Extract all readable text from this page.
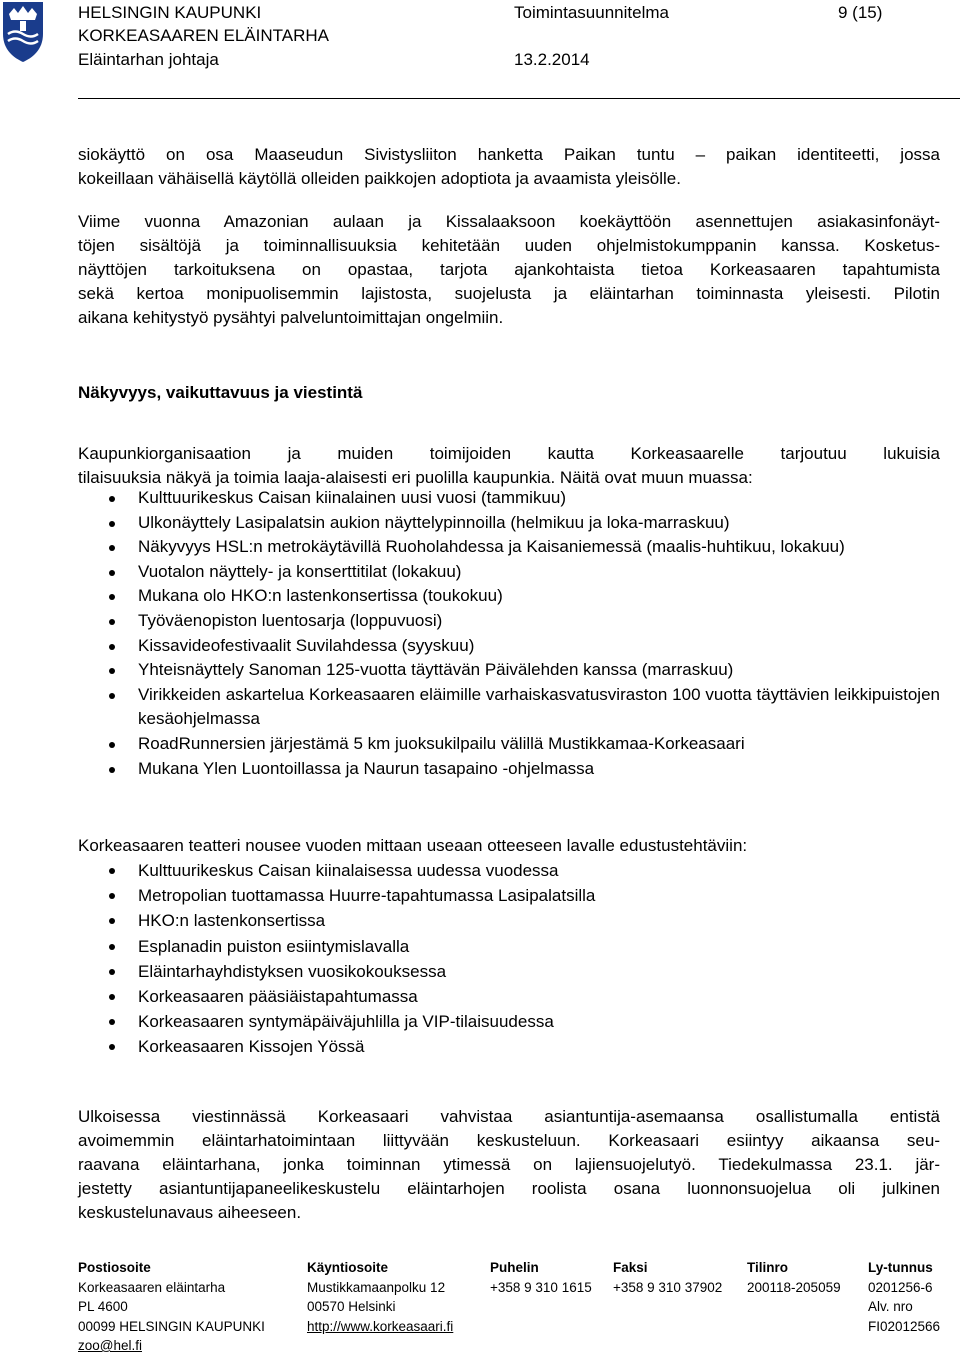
HELSINGIN KAUPUNKI
KORKEASAAREN ELÄINTARHA
Eläintarhan johtaja
Toimintasuunnitelma
13.2.2014
9 (15)
siokäyttö on osa Maaseudun Sivistysliiton hanketta Paikan tuntu – paikan identiteetti, jossa
kokeillaan vähäisellä käytöllä olleiden paikkojen adoptiota ja avaamista yleisölle.
Viime vuonna Amazonian aulaan ja Kissalaaksoon koekäyttöön asennettujen asiakasinfonäyt-
töjen sisältöjä ja toiminnallisuuksia kehitetään uuden ohjelmistokumppanin kanssa. Kosketus-
näyttöjen tarkoituksena on opastaa, tarjota ajankohtaista tietoa Korkeasaaren tapahtumista
sekä kertoa monipuolisemmin lajistosta, suojelusta ja eläintarhan toiminnasta yleisesti. Pilotin
aikana kehitystyö pysähtyi palveluntoimittajan ongelmiin.
Näkyvyys, vaikuttavuus ja viestintä
Kaupunkiorganisaation ja muiden toimijoiden kautta Korkeasaarelle tarjoutuu lukuisia
tilaisuuksia näkyä ja toimia laaja-alaisesti eri puolilla kaupunkia. Näitä ovat muun muassa:
Kulttuurikeskus Caisan kiinalainen uusi vuosi (tammikuu)
Ulkonäyttely Lasipalatsin aukion näyttelypinnoilla (helmikuu ja loka-marraskuu)
Näkyvyys HSL:n metrokäytävillä Ruoholahdessa ja Kaisaniemessä (maalis-huhtikuu, lokakuu)
Vuotalon näyttely- ja konserttitilat (lokakuu)
Mukana olo HKO:n lastenkonsertissa (toukokuu)
Työväenopiston luentosarja (loppuvuosi)
Kissavideofestivaalit Suvilahdessa (syyskuu)
Yhteisnäyttely Sanoman 125-vuotta täyttävän Päivälehden kanssa (marraskuu)
Virikkeiden askartelua Korkeasaaren eläimille varhaiskasvatusviraston 100 vuotta täyttävien leikkipuistojen kesäohjelmassa
RoadRunnersien järjestämä 5 km juoksukilpailu välillä Mustikkamaa-Korkeasaari
Mukana Ylen Luontoillassa ja Naurun tasapaino -ohjelmassa
Korkeasaaren teatteri nousee vuoden mittaan useaan otteeseen lavalle edustustehtäviin:
Kulttuurikeskus Caisan kiinalaisessa uudessa vuodessa
Metropolian tuottamassa Huurre-tapahtumassa Lasipalatsilla
HKO:n lastenkonsertissa
Esplanadin puiston esiintymislavalla
Eläintarhayhdistyksen vuosikokouksessa
Korkeasaaren pääsiäistapahtumassa
Korkeasaaren syntymäpäiväjuhlilla ja VIP-tilaisuudessa
Korkeasaaren Kissojen Yössä
Ulkoisessa viestinnässä Korkeasaari vahvistaa asiantuntija-asemaansa osallistumalla entistä
avoimemmin eläintarhatoimintaan liittyvään keskusteluun. Korkeasaari esiintyy aikaansa seu-
raavana eläintarhana, jonka toiminnan ytimessä on lajiensuojelutyö. Tiedekulmassa 23.1. jär-
jestetty asiantuntijapaneelikeskustelu eläintarhojen roolista osana luonnonsuojelua oli julkinen
keskustelunavaus aiheeseen.
Postiosoite
Korkeasaaren eläintarha
PL 4600
00099 HELSINGIN KAUPUNKI
zoo@hel.fi
Käyntiosoite
Mustikkamaanpolku 12
00570 Helsinki
http://www.korkeasaari.fi
Puhelin
+358 9 310 1615
Faksi
+358 9 310 37902
Tilinro
200118-205059
Ly-tunnus
0201256-6
Alv. nro
FI02012566
